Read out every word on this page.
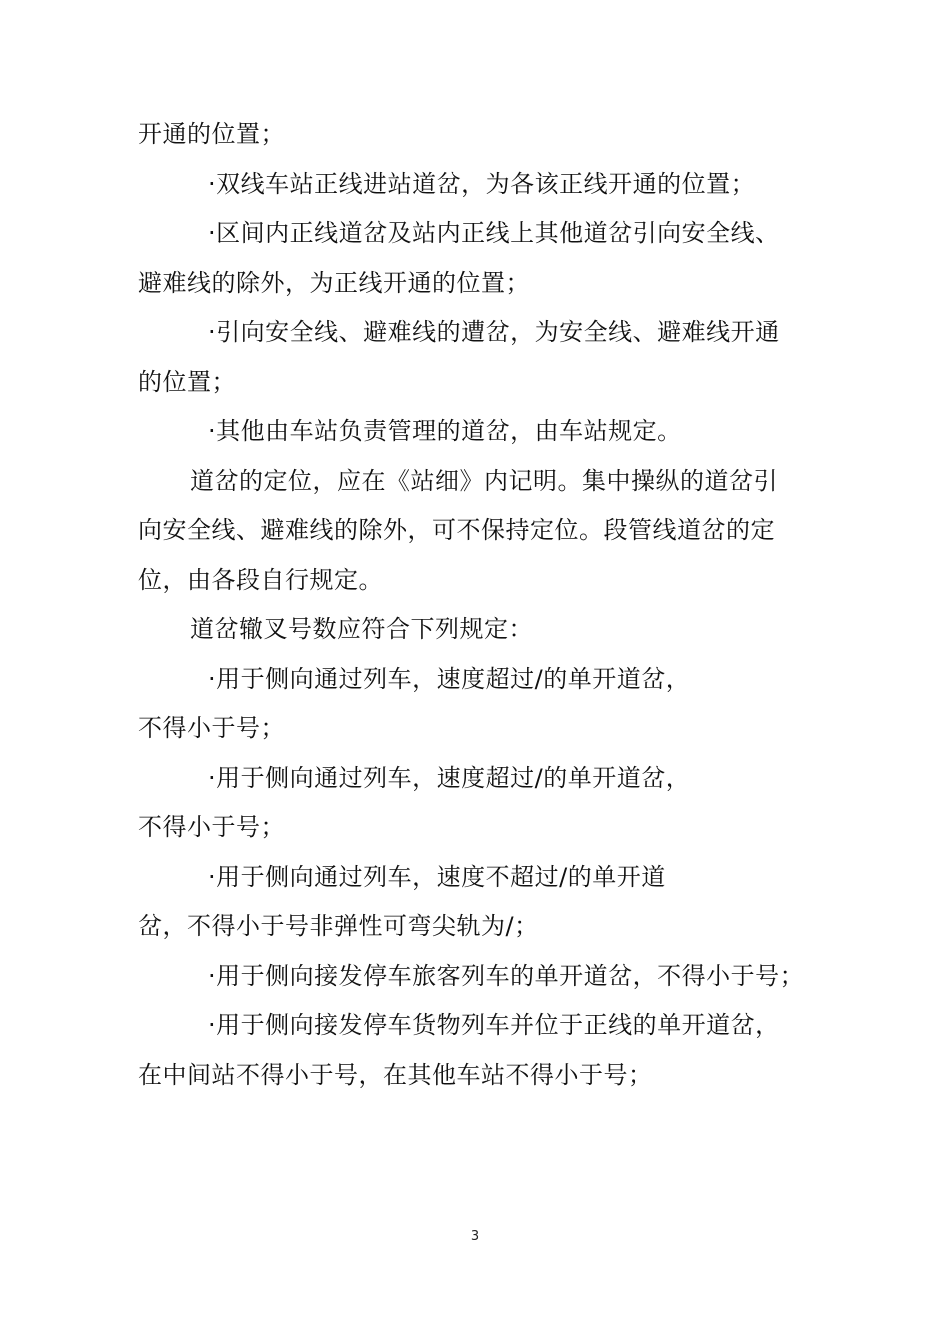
开通的位置；
·双线车站正线进站道岔，为各该正线开通的位置；
·区间内正线道岔及站内正线上其他道岔引向安全线、
避难线的除外，为正线开通的位置；
·引向安全线、避难线的遭岔，为安全线、避难线开通
的位置；
·其他由车站负责管理的道岔，由车站规定。
道岔的定位，应在《站细》内记明。集中操纵的道岔引
向安全线、避难线的除外，可不保持定位。段管线道岔的定
位，由各段自行规定。
道岔辙叉号数应符合下列规定：
·用于侧向通过列车，速度超过/的单开道岔，
不得小于号；
·用于侧向通过列车，速度超过/的单开道岔，
不得小于号；
·用于侧向通过列车，速度不超过/的单开道
岔，不得小于号非弹性可弯尖轨为/；
·用于侧向接发停车旅客列车的单开道岔，不得小于号；
·用于侧向接发停车货物列车并位于正线的单开道岔，
在中间站不得小于号，在其他车站不得小于号；
3
